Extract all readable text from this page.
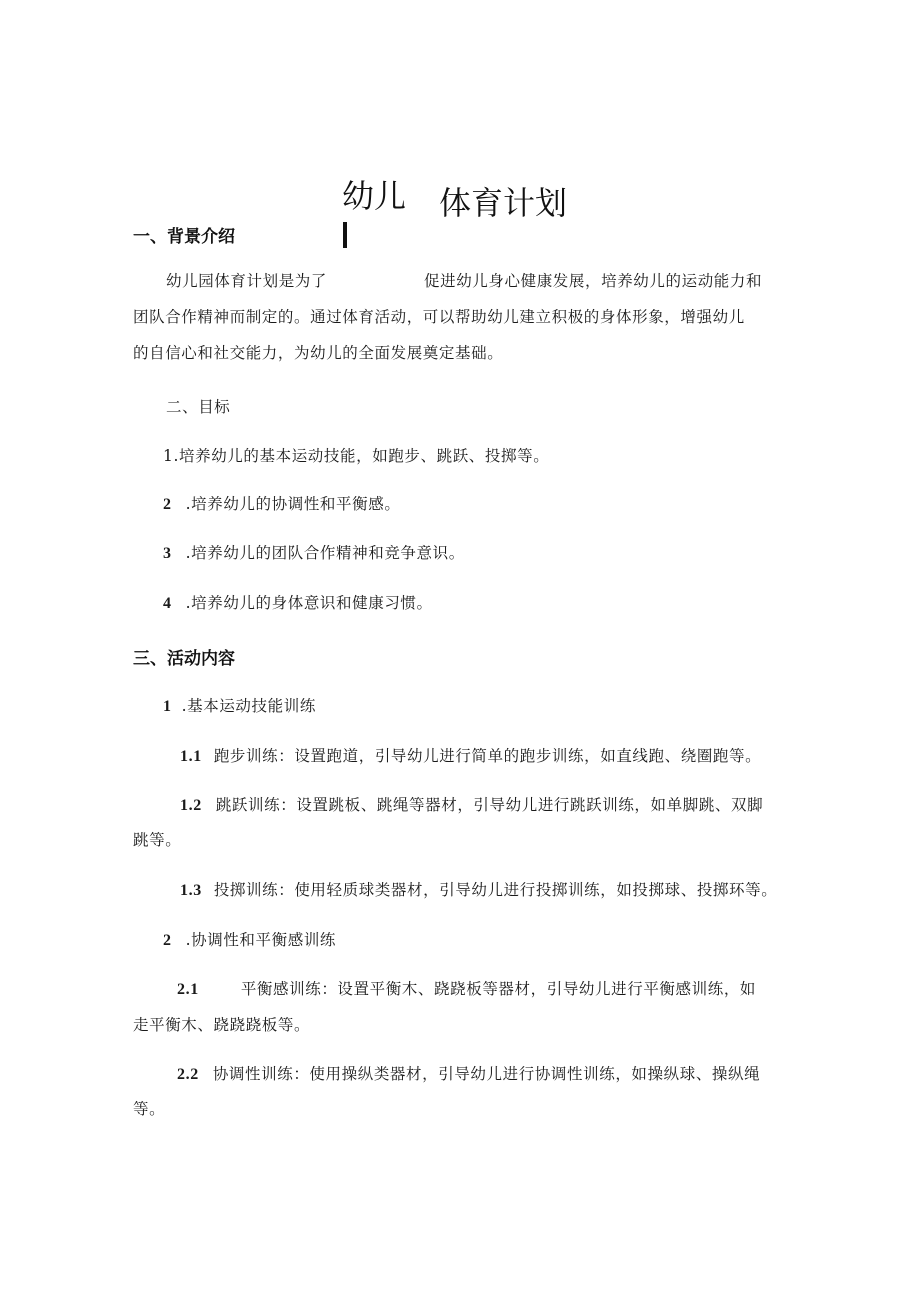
幼儿 体育计划
一、背景介绍
幼儿园体育计划是为了	促进幼儿身心健康发展，培养幼儿的运动能力和
团队合作精神而制定的。通过体育活动，可以帮助幼儿建立积极的身体形象，增强幼儿
的自信心和社交能力，为幼儿的全面发展奠定基础。
二、目标
1.培养幼儿的基本运动技能，如跑步、跳跃、投掷等。
2 .培养幼儿的协调性和平衡感。
3 .培养幼儿的团队合作精神和竞争意识。
4 .培养幼儿的身体意识和健康习惯。
三、活动内容
1 .基本运动技能训练
1.1 跑步训练：设置跑道，引导幼儿进行简单的跑步训练，如直线跑、绕圈跑等。
1.2 跳跃训练：设置跳板、跳绳等器材，引导幼儿进行跳跃训练，如单脚跳、双脚
跳等。
1.3 投掷训练：使用轻质球类器材，引导幼儿进行投掷训练，如投掷球、投掷环等。
2 .协调性和平衡感训练
2.1	平衡感训练：设置平衡木、跷跷板等器材，引导幼儿进行平衡感训练，如
走平衡木、跷跷跷板等。
2.2 协调性训练：使用操纵类器材，引导幼儿进行协调性训练，如操纵球、操纵绳
等。
